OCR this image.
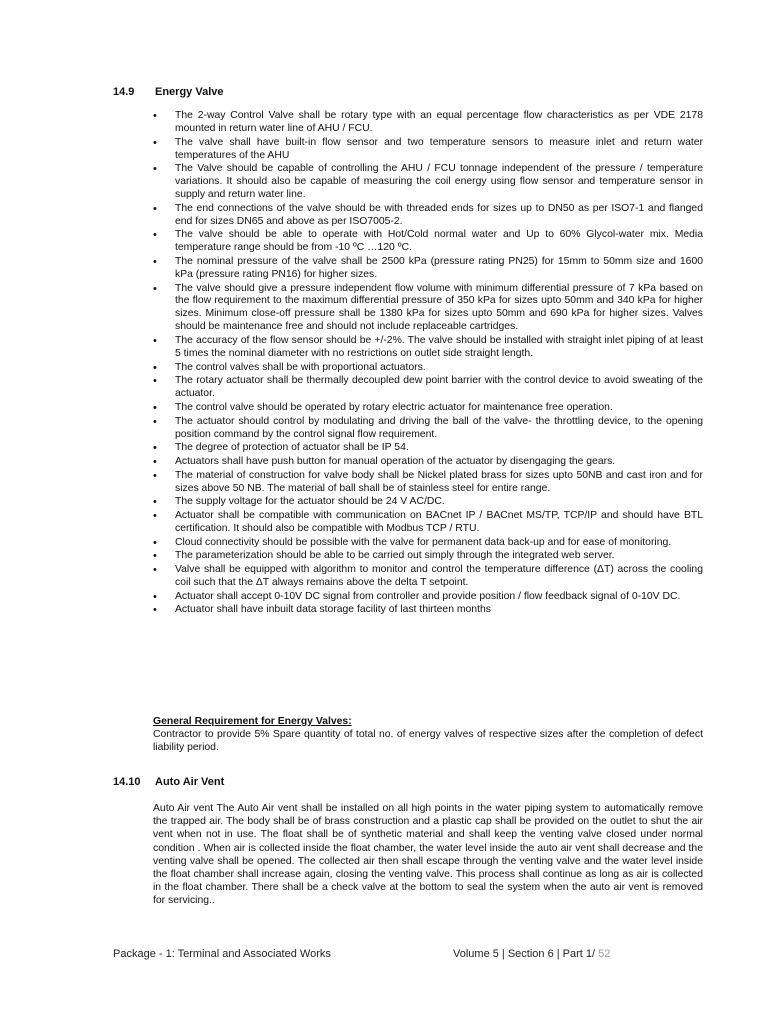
14.9	Energy Valve
• The 2-way Control Valve shall be rotary type with an equal percentage flow characteristics as per VDE 2178 mounted in return water line of AHU / FCU.
• The valve shall have built-in flow sensor and two temperature sensors to measure inlet and return water temperatures of the AHU
• The Valve should be capable of controlling the AHU / FCU tonnage independent of the pressure / temperature variations. It should also be capable of measuring the coil energy using flow sensor and temperature sensor in supply and return water line.
• The end connections of the valve should be with threaded ends for sizes up to DN50 as per ISO7-1 and flanged end for sizes DN65 and above as per ISO7005-2.
• The valve should be able to operate with Hot/Cold normal water and Up to 60% Glycol-water mix. Media temperature range should be from -10 ºC …120 ºC.
• The nominal pressure of the valve shall be 2500 kPa (pressure rating PN25) for 15mm to 50mm size and 1600 kPa (pressure rating PN16) for higher sizes.
• The valve should give a pressure independent flow volume with minimum differential pressure of 7 kPa based on the flow requirement to the maximum differential pressure of 350 kPa for sizes upto 50mm and 340 kPa for higher sizes. Minimum close-off pressure shall be 1380 kPa for sizes upto 50mm and 690 kPa for higher sizes. Valves should be maintenance free and should not include replaceable cartridges.
• The accuracy of the flow sensor should be +/-2%. The valve should be installed with straight inlet piping of at least 5 times the nominal diameter with no restrictions on outlet side straight length.
• The control valves shall be with proportional actuators.
• The rotary actuator shall be thermally decoupled dew point barrier with the control device to avoid sweating of the actuator.
• The control valve should be operated by rotary electric actuator for maintenance free operation.
• The actuator should control by modulating and driving the ball of the valve- the throttling device, to the opening position command by the control signal flow requirement.
• The degree of protection of actuator shall be IP 54.
• Actuators shall have push button for manual operation of the actuator by disengaging the gears.
• The material of construction for valve body shall be Nickel plated brass for sizes upto 50NB and cast iron and for sizes above 50 NB. The material of ball shall be of stainless steel for entire range.
• The supply voltage for the actuator should be 24 V AC/DC.
• Actuator shall be compatible with communication on BACnet IP / BACnet MS/TP, TCP/IP and should have BTL certification. It should also be compatible with Modbus TCP / RTU.
• Cloud connectivity should be possible with the valve for permanent data back-up and for ease of monitoring.
• The parameterization should be able to be carried out simply through the integrated web server.
• Valve shall be equipped with algorithm to monitor and control the temperature difference (ΔT) across the cooling coil such that the ΔT always remains above the delta T setpoint.
• Actuator shall accept 0-10V DC signal from controller and provide position / flow feedback signal of 0-10V DC.
• Actuator shall have inbuilt data storage facility of last thirteen months
General Requirement for Energy Valves:

Contractor to provide 5% Spare quantity of total no. of energy valves of respective sizes after the completion of defect liability period.

14.10	Auto Air Vent

Auto Air vent The Auto Air vent shall be installed on all high points in the water piping system to automatically remove the trapped air. The body shall be of brass construction and a plastic cap shall be provided on the outlet to shut the air vent when not in use. The float shall be of synthetic material and shall keep the venting valve closed under normal condition . When air is collected inside the float chamber, the water level inside the auto air vent shall decrease and the venting valve shall be opened. The collected air then shall escape through the venting valve and the water level inside the float chamber shall increase again, closing the venting valve. This process shall continue as long as air is collected in the float chamber. There shall be a check valve at the bottom to seal the system when the auto air vent is removed for servicing..

Package - 1: Terminal and Associated Works	Volume 5 | Section 6 | Part 1/ 52
